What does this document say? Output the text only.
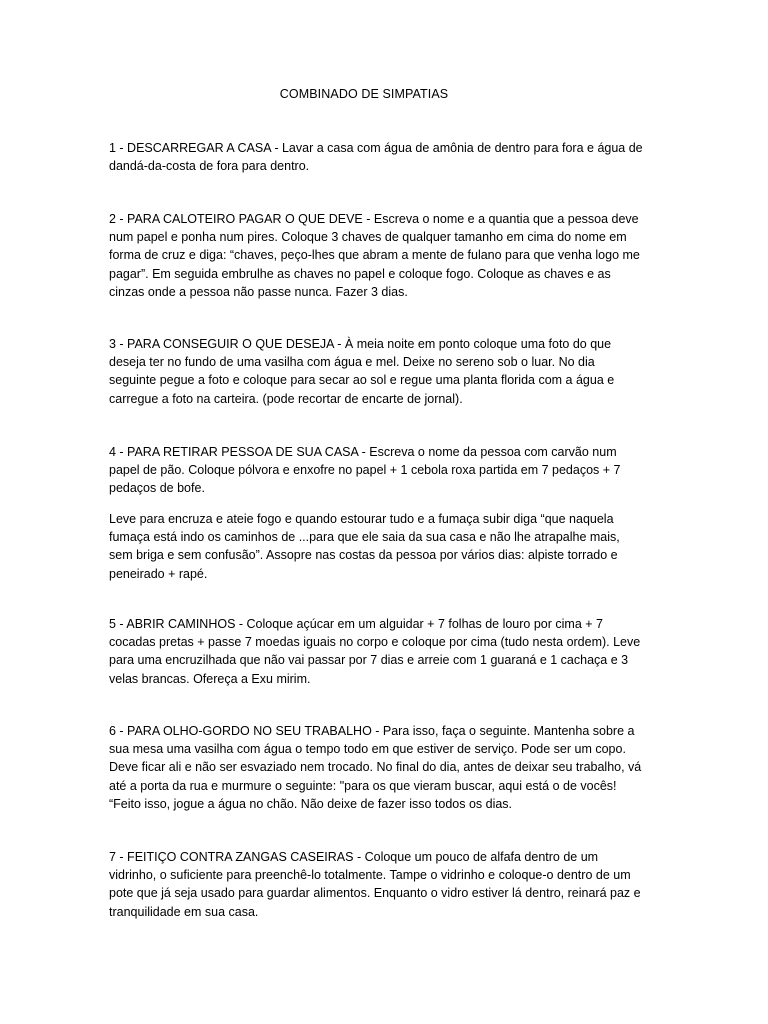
COMBINADO DE SIMPATIAS

1 - DESCARREGAR A CASA - Lavar a casa com água de amônia de dentro para fora e água de dandá-da-costa de fora para dentro.

2 - PARA CALOTEIRO PAGAR O QUE DEVE - Escreva o nome e a quantia que a pessoa deve num papel e ponha num pires. Coloque 3 chaves de qualquer tamanho em cima do nome em forma de cruz e diga: “chaves, peço-lhes que abram a mente de fulano para que venha logo me pagar”. Em seguida embrulhe as chaves no papel e coloque fogo. Coloque as chaves e as cinzas onde a pessoa não passe nunca. Fazer 3 dias.

3 - PARA CONSEGUIR O QUE DESEJA - À meia noite em ponto coloque uma foto do que deseja ter no fundo de uma vasilha com água e mel. Deixe no sereno sob o luar. No dia seguinte pegue a foto e coloque para secar ao sol e regue uma planta florida com a água e carregue a foto na carteira. (pode recortar de encarte de jornal).

4 - PARA RETIRAR PESSOA DE SUA CASA - Escreva o nome da pessoa com carvão num papel de pão. Coloque pólvora e enxofre no papel + 1 cebola roxa partida em 7 pedaços + 7 pedaços de bofe.

Leve para encruza e ateie fogo e quando estourar tudo e a fumaça subir diga “que naquela fumaça está indo os caminhos de ...para que ele saia da sua casa e não lhe atrapalhe mais, sem briga e sem confusão”. Assopre nas costas da pessoa por vários dias: alpiste torrado e peneirado + rapé.

5 - ABRIR CAMINHOS - Coloque açúcar em um alguidar + 7 folhas de louro por cima + 7 cocadas pretas + passe 7 moedas iguais no corpo e coloque por cima (tudo nesta ordem). Leve para uma encruzilhada que não vai passar por 7 dias e arreie com 1 guaraná e 1 cachaça e 3 velas brancas. Ofereça a Exu mirim.

6 - PARA OLHO-GORDO NO SEU TRABALHO - Para isso, faça o seguinte. Mantenha sobre a sua mesa uma vasilha com água o tempo todo em que estiver de serviço. Pode ser um copo. Deve ficar ali e não ser esvaziado nem trocado. No final do dia, antes de deixar seu trabalho, vá até a porta da rua e murmure o seguinte: "para os que vieram buscar, aqui está o de vocês! “Feito isso, jogue a água no chão. Não deixe de fazer isso todos os dias.

7 - FEITIÇO CONTRA ZANGAS CASEIRAS - Coloque um pouco de alfafa dentro de um vidrinho, o suficiente para preenchê-lo totalmente. Tampe o vidrinho e coloque-o dentro de um pote que já seja usado para guardar alimentos. Enquanto o vidro estiver lá dentro, reinará paz e tranquilidade em sua casa.
